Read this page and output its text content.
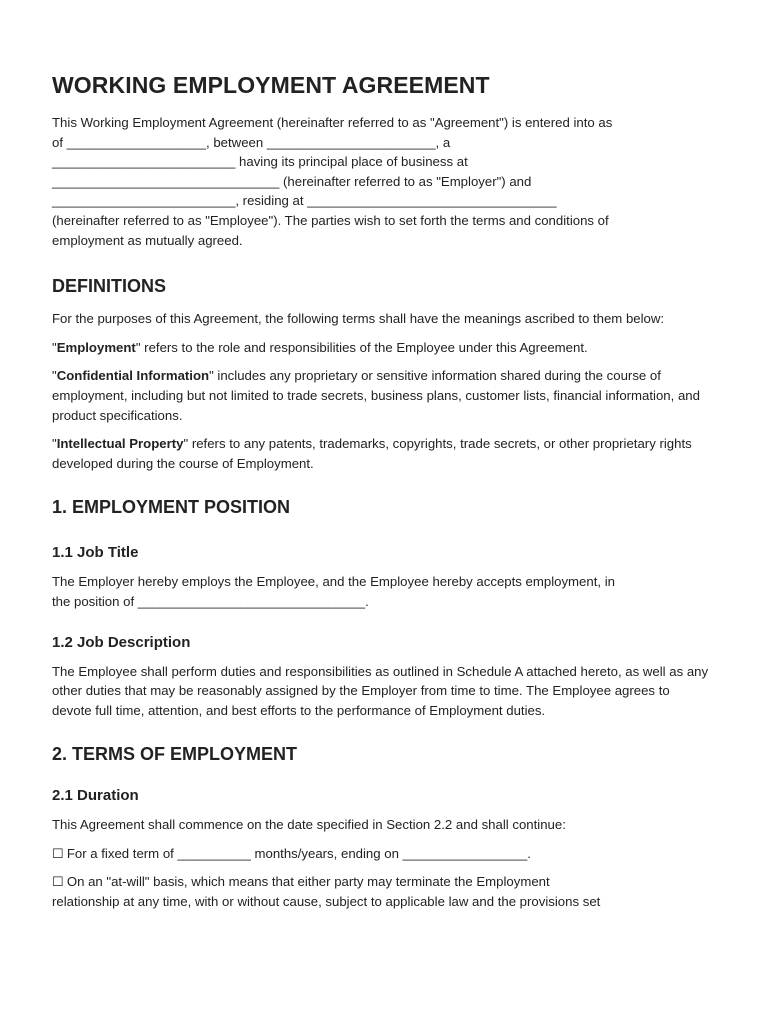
WORKING EMPLOYMENT AGREEMENT

This Working Employment Agreement (hereinafter referred to as "Agreement") is entered into as

of ___________________, between _______________________, a

_________________________ having its principal place of business at

_______________________________ (hereinafter referred to as "Employer") and

_________________________, residing at __________________________________

(hereinafter referred to as "Employee"). The parties wish to set forth the terms and conditions of

employment as mutually agreed.

DEFINITIONS

For the purposes of this Agreement, the following terms shall have the meanings ascribed to them below:

"Employment" refers to the role and responsibilities of the Employee under this Agreement.

"Confidential Information" includes any proprietary or sensitive information shared during the course of employment, including but not limited to trade secrets, business plans, customer lists, financial information, and product specifications.

"Intellectual Property" refers to any patents, trademarks, copyrights, trade secrets, or other proprietary rights developed during the course of Employment.

1. EMPLOYMENT POSITION
1.1 Job Title

The Employer hereby employs the Employee, and the Employee hereby accepts employment, in

the position of _______________________________.

1.2 Job Description

The Employee shall perform duties and responsibilities as outlined in Schedule A attached hereto, as well as any other duties that may be reasonably assigned by the Employer from time to time. The Employee agrees to devote full time, attention, and best efforts to the performance of Employment duties.

2. TERMS OF EMPLOYMENT
2.1 Duration

This Agreement shall commence on the date specified in Section 2.2 and shall continue:

☐ For a fixed term of __________ months/years, ending on _________________.

☐ On an "at-will" basis, which means that either party may terminate the Employment

relationship at any time, with or without cause, subject to applicable law and the provisions set
